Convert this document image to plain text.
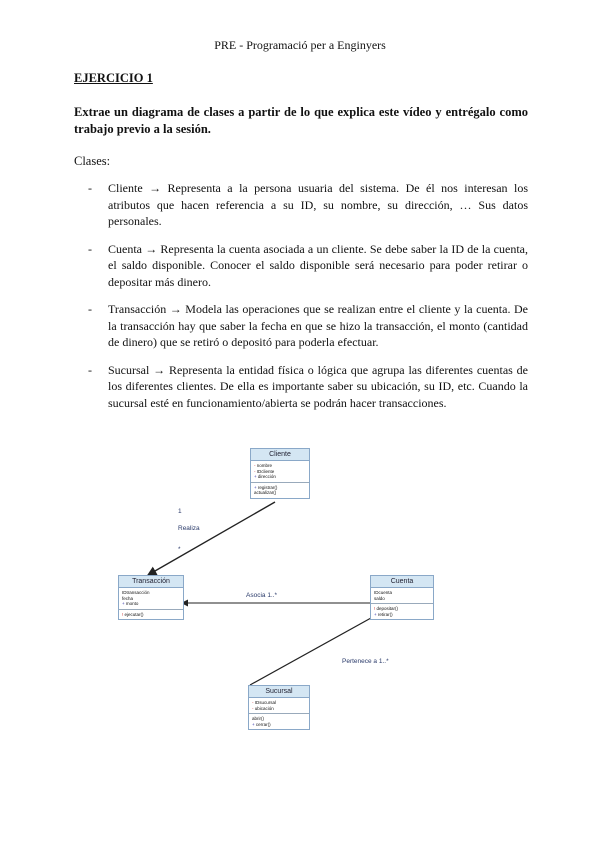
PRE - Programació per a Enginyers
EJERCICIO 1
Extrae un diagrama de clases a partir de lo que explica este vídeo y entrégalo como trabajo previo a la sesión.
Clases:
- Cliente → Representa a la persona usuaria del sistema. De él nos interesan los atributos que hacen referencia a su ID, su nombre, su dirección, … Sus datos personales.
- Cuenta → Representa la cuenta asociada a un cliente. Se debe saber la ID de la cuenta, el saldo disponible. Conocer el saldo disponible será necesario para poder retirar o depositar más dinero.
- Transacción → Modela las operaciones que se realizan entre el cliente y la cuenta. De la transacción hay que saber la fecha en que se hizo la transacción, el monto (cantidad de dinero) que se retiró o depositó para poderla efectuar.
- Sucursal → Representa la entidad física o lógica que agrupa las diferentes cuentas de los diferentes clientes. De ella es importante saber su ubicación, su ID, etc. Cuando la sucursal esté en funcionamiento/abierta se podrán hacer transacciones.
Cliente
- nombre
- IDcliente
+ dirección
+ registrar()
actualizar()
Transacción
IDtransacción
fecha
+ monto
! ejecutar()
Cuenta
IDcuenta
saldo
! depositar()
+ retirar()
Sucursal
- IDsucursal
- ubicación
abrir()
+ cerrar()
1
Realiza
*
Asocia 1..*
Pertenece a 1..*
